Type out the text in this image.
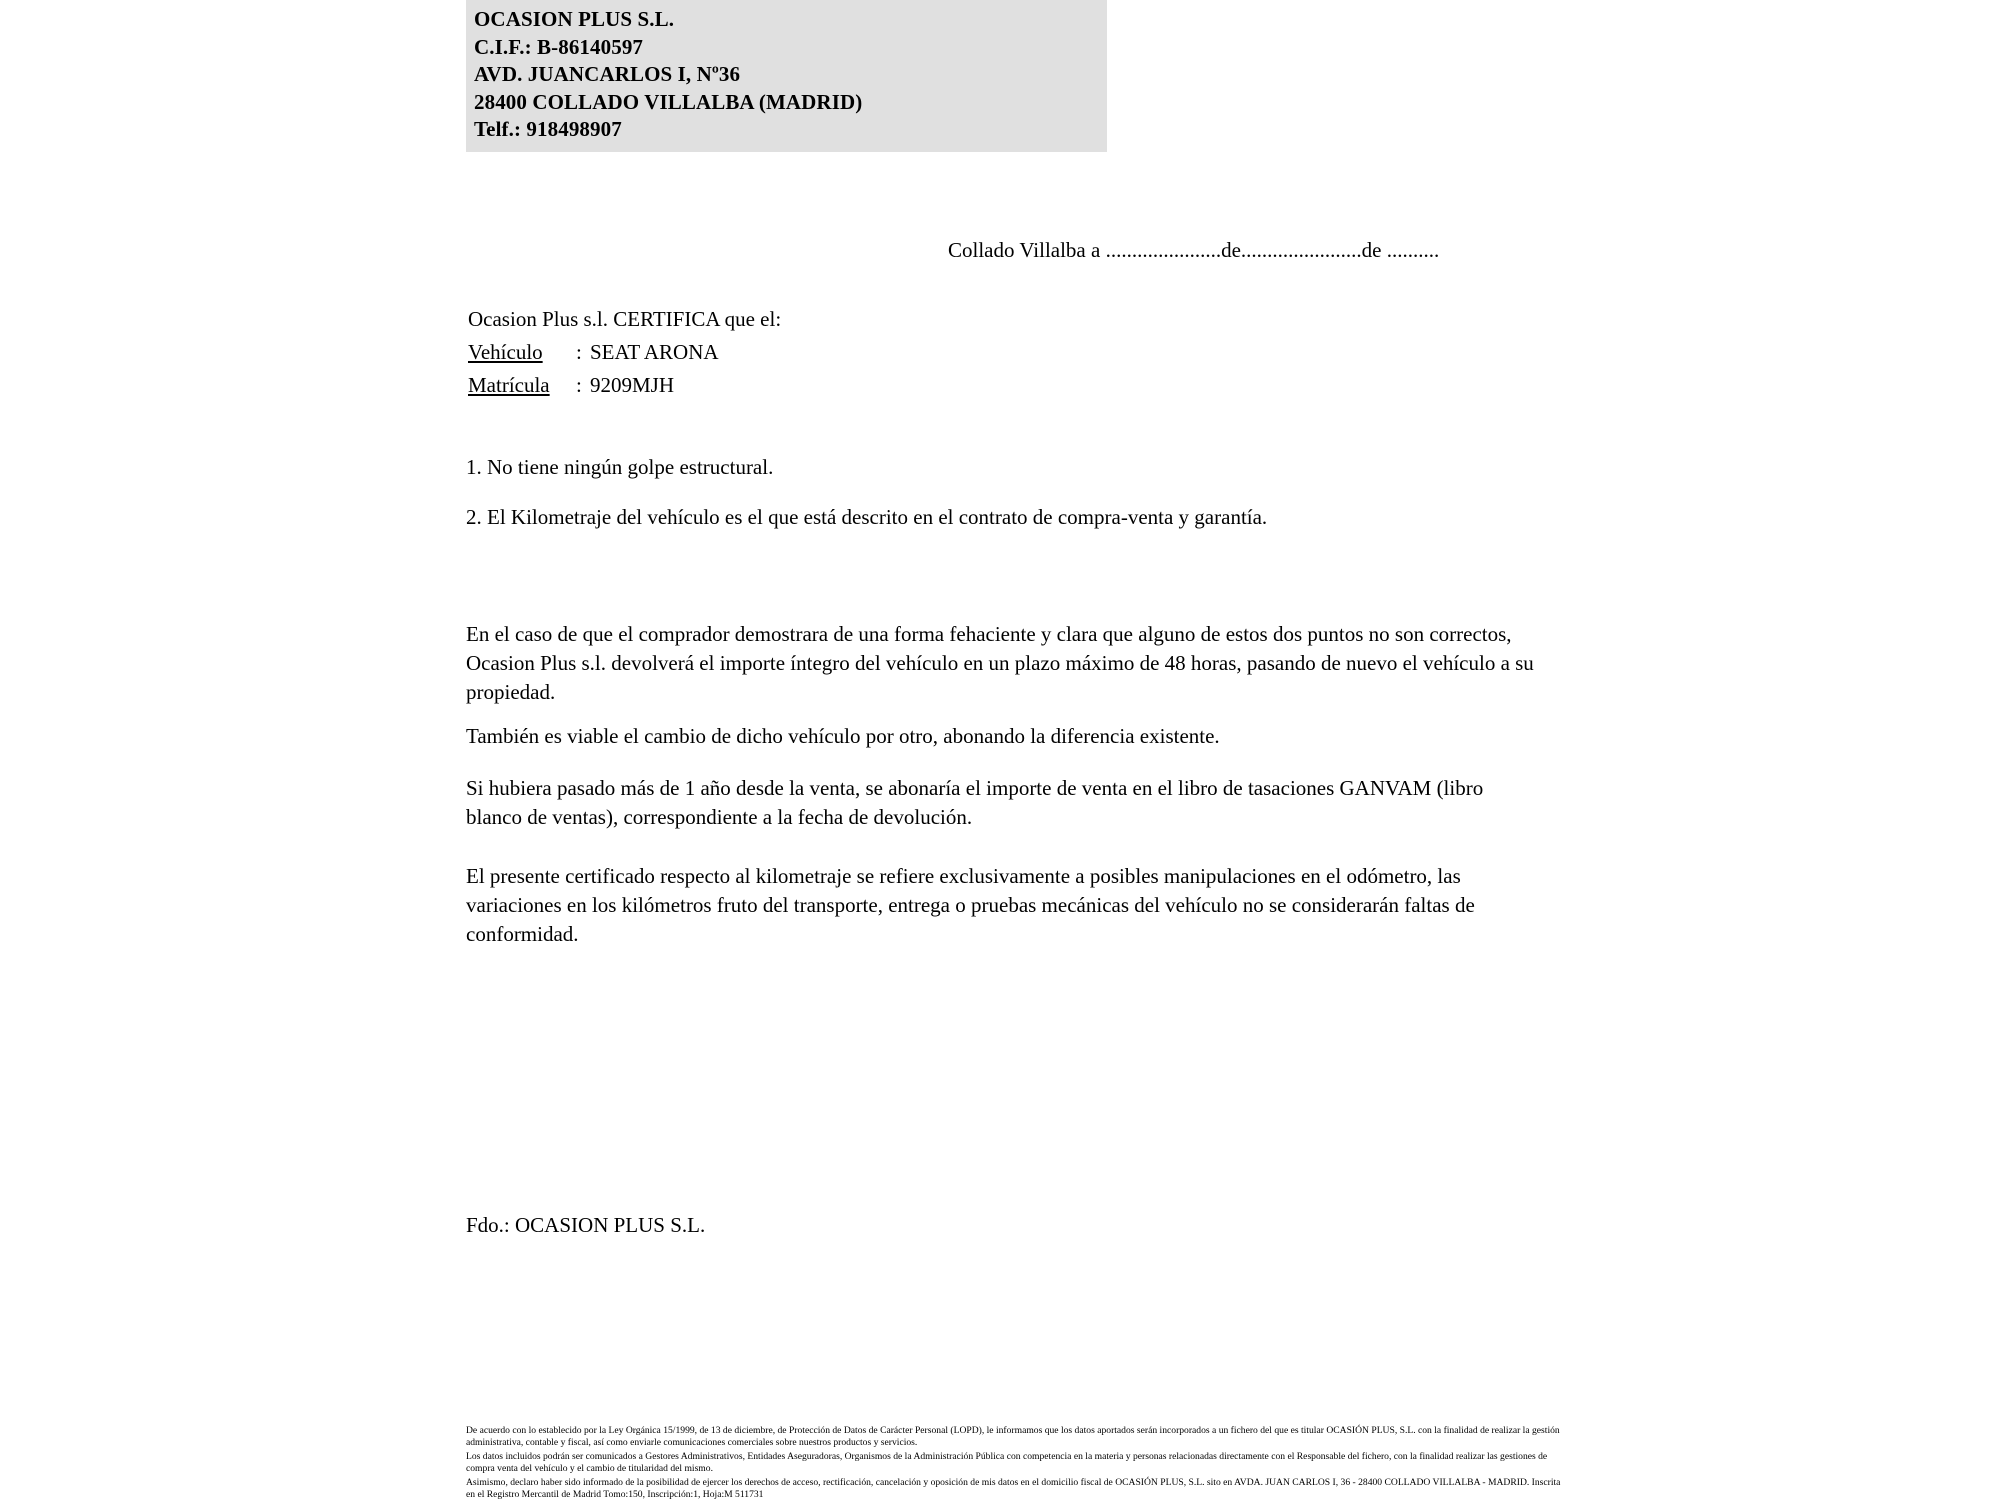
OCASION PLUS S.L.
C.I.F.: B-86140597
AVD. JUANCARLOS I, Nº36
28400 COLLADO VILLALBA (MADRID)
Telf.: 918498907
Collado Villalba a ......................de.......................de ..........
Ocasion Plus s.l. CERTIFICA que el:
Vehículo : SEAT ARONA
Matrícula : 9209MJH
1. No tiene ningún golpe estructural.
2. El Kilometraje del vehículo es el que está descrito en el contrato de compra-venta y garantía.
En el caso de que el comprador demostrara de una forma fehaciente y clara que alguno de estos dos puntos no son correctos, Ocasion Plus s.l. devolverá el importe íntegro del vehículo en un plazo máximo de 48 horas, pasando de nuevo el vehículo a su propiedad.
También es viable el cambio de dicho vehículo por otro, abonando la diferencia existente.
Si hubiera pasado más de 1 año desde la venta, se abonaría el importe de venta en el libro de tasaciones GANVAM (libro blanco de ventas), correspondiente a la fecha de devolución.
El presente certificado respecto al kilometraje se refiere exclusivamente a posibles manipulaciones en el odómetro, las variaciones en los kilómetros fruto del transporte, entrega o pruebas mecánicas del vehículo no se considerarán faltas de conformidad.
Fdo.: OCASION PLUS S.L.

De acuerdo con lo establecido por la Ley Orgánica 15/1999, de 13 de diciembre, de Protección de Datos de Carácter Personal (LOPD), le informamos que los datos aportados serán incorporados a un fichero del que es titular OCASIÓN PLUS, S.L. con la finalidad de realizar la gestión administrativa, contable y fiscal, así como enviarle comunicaciones comerciales sobre nuestros productos y servicios.

Los datos incluidos podrán ser comunicados a Gestores Administrativos, Entidades Aseguradoras, Organismos de la Administración Pública con competencia en la materia y personas relacionadas directamente con el Responsable del fichero, con la finalidad realizar las gestiones de compra venta del vehículo y el cambio de titularidad del mismo.

Asimismo, declaro haber sido informado de la posibilidad de ejercer los derechos de acceso, rectificación, cancelación y oposición de mis datos en el domicilio fiscal de OCASIÓN PLUS, S.L. sito en AVDA. JUAN CARLOS I, 36 - 28400 COLLADO VILLALBA - MADRID. Inscrita en el Registro Mercantil de Madrid Tomo:150, Inscripción:1, Hoja:M 511731
